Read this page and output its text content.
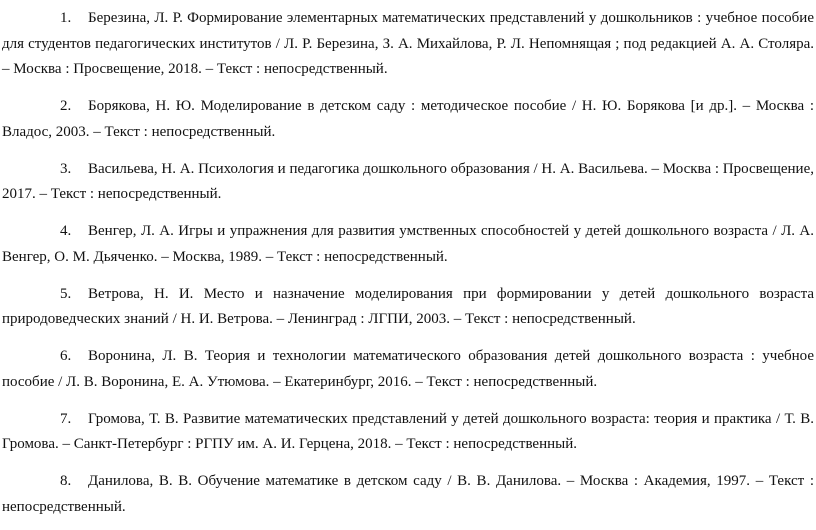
1. Березина, Л. Р. Формирование элементарных математических представлений у дошкольников : учебное пособие для студентов педагогических институтов / Л. Р. Березина, З. А. Михайлова, Р. Л. Непомнящая ; под редакцией А. А. Столяра. – Москва : Просвещение, 2018. – Текст : непосредственный.
2. Борякова, Н. Ю. Моделирование в детском саду : методическое пособие / Н. Ю. Борякова [и др.]. – Москва : Владос, 2003. – Текст : непосредственный.
3. Васильева, Н. А. Психология и педагогика дошкольного образования / Н. А. Васильева. – Москва : Просвещение, 2017. – Текст : непосредственный.
4. Венгер, Л. А. Игры и упражнения для развития умственных способностей у детей дошкольного возраста / Л. А. Венгер, О. М. Дьяченко. – Москва, 1989. – Текст : непосредственный.
5. Ветрова, Н. И. Место и назначение моделирования при формировании у детей дошкольного возраста природоведческих знаний / Н. И. Ветрова. – Ленинград : ЛГПИ, 2003. – Текст : непосредственный.
6. Воронина, Л. В. Теория и технологии математического образования детей дошкольного возраста : учебное пособие / Л. В. Воронина, Е. А. Утюмова. – Екатеринбург, 2016. – Текст : непосредственный.
7. Громова, Т. В. Развитие математических представлений у детей дошкольного возраста: теория и практика / Т. В. Громова. – Санкт-Петербург : РГПУ им. А. И. Герцена, 2018. – Текст : непосредственный.
8. Данилова, В. В. Обучение математике в детском саду / В. В. Данилова. – Москва : Академия, 1997. – Текст : непосредственный.
